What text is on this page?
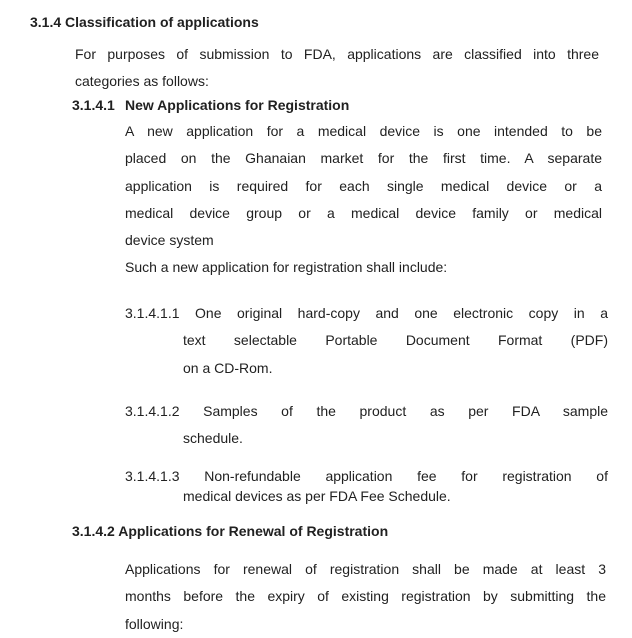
3.1.4 Classification of applications
For purposes of submission to FDA, applications are classified into three
categories as follows:
3.1.4.1 New Applications for Registration
A new application for a medical device is one intended to be
placed on the Ghanaian market for the first time. A separate
application is required for each single medical device or a
medical device group or a medical device family or medical
device system
Such a new application for registration shall include:
3.1.4.1.1 One original hard-copy and one electronic copy in a
text selectable Portable Document Format (PDF)
on a CD-Rom.
3.1.4.1.2 Samples of the product as per FDA sample
schedule.
3.1.4.1.3 Non-refundable application fee for registration of
medical devices as per FDA Fee Schedule.
3.1.4.2 Applications for Renewal of Registration
Applications for renewal of registration shall be made at least 3
months before the expiry of existing registration by submitting the
following:
